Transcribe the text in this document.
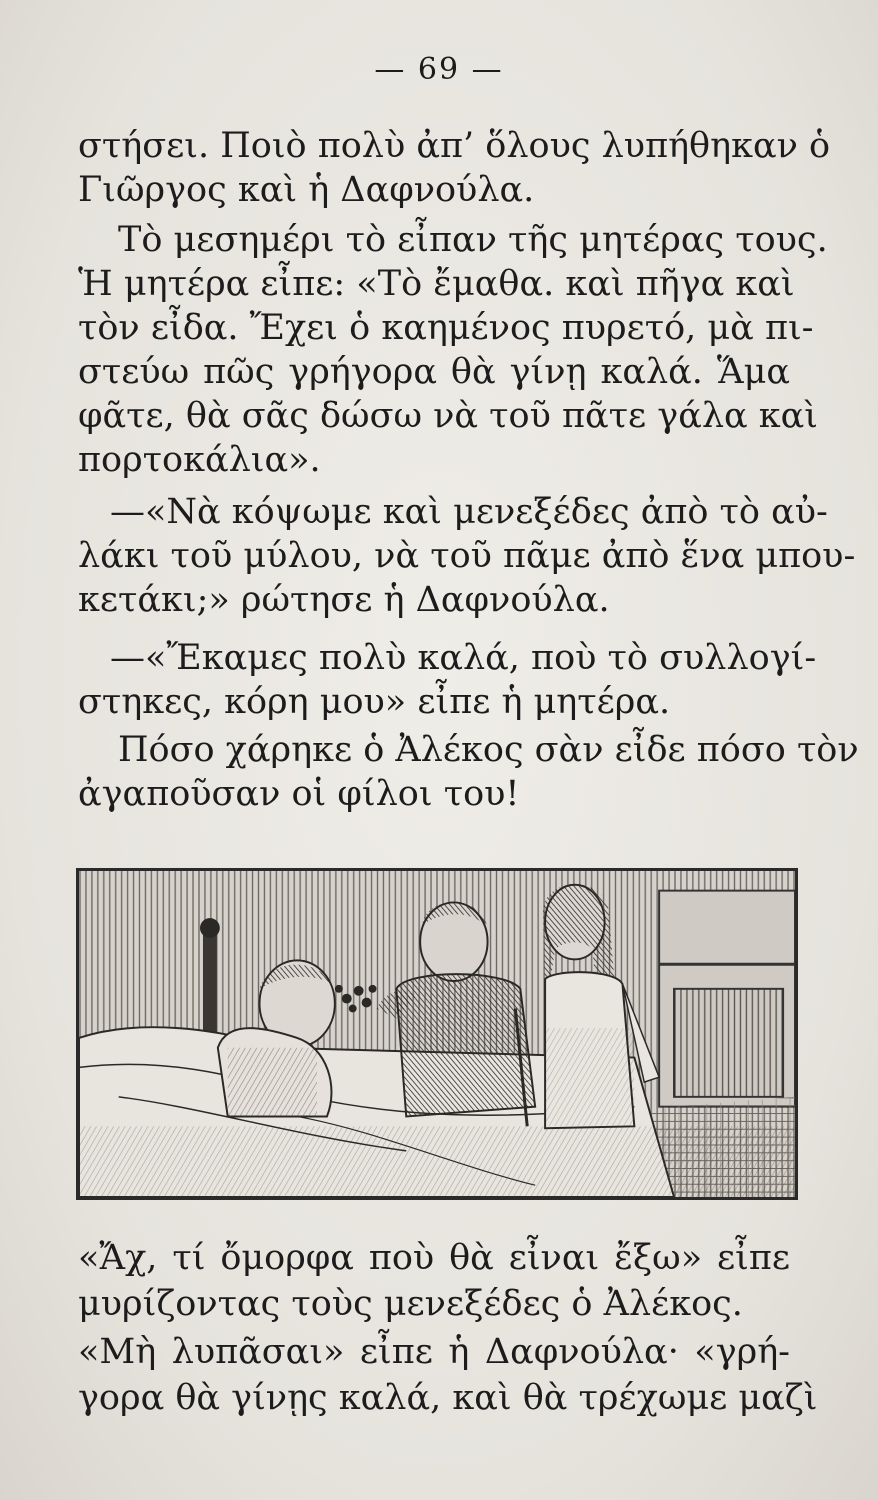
— 69 —
στήσει. Ποιὸ πολὺ ἀπ’ ὅλους λυπήθηκαν ὁ
Γιῶργος καὶ ἡ Δαφνούλα.
Τὸ μεσημέρι τὸ εἶπαν τῆς μητέρας τους.
Ἡ μητέρα εἶπε: «Τὸ ἔμαθα. καὶ πῆγα καὶ
τὸν εἶδα. Ἔχει ὁ καημένος πυρετό, μὰ πι-
στεύω πῶς γρήγορα θὰ γίνῃ καλά. Ἅμα
φᾶτε, θὰ σᾶς δώσω νὰ τοῦ πᾶτε γάλα καὶ
πορτοκάλια».
—«Νὰ κόψωμε καὶ μενεξέδες ἀπὸ τὸ αὐ-
λάκι τοῦ μύλου, νὰ τοῦ πᾶμε ἀπὸ ἕνα μπου-
κετάκι;» ρώτησε ἡ Δαφνούλα.
—«Ἔκαμες πολὺ καλά, ποὺ τὸ συλλογί-
στηκες, κόρη μου» εἶπε ἡ μητέρα.
Πόσο χάρηκε ὁ Ἀλέκος σὰν εἶδε πόσο τὸν
ἀγαποῦσαν οἱ φίλοι του!
«Ἄχ, τί ὄμορφα ποὺ θὰ εἶναι ἔξω» εἶπε
μυρίζοντας τοὺς μενεξέδες ὁ Ἀλέκος.
«Μὴ λυπᾶσαι» εἶπε ἡ Δαφνούλα· «γρή-
γορα θὰ γίνῃς καλά, καὶ θὰ τρέχωμε μαζὶ
